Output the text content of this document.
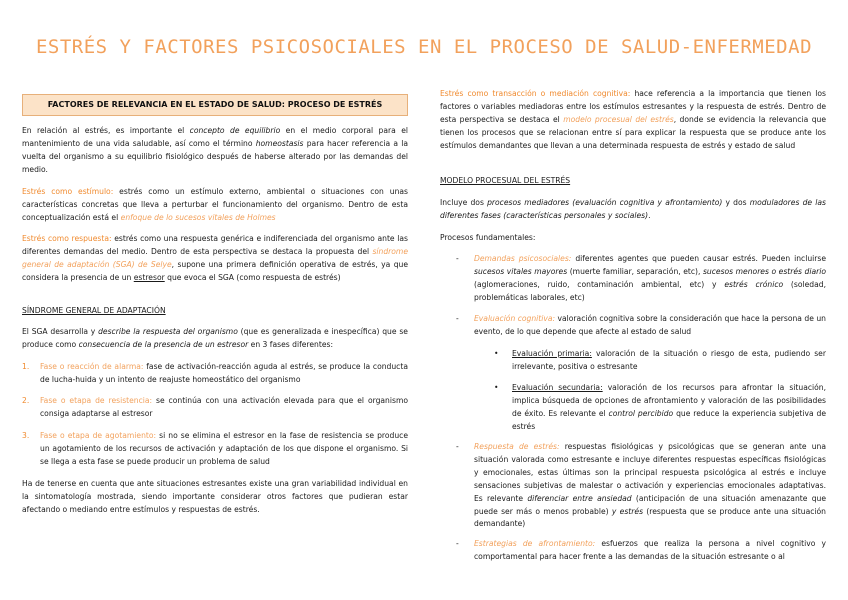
ESTRÉS Y FACTORES PSICOSOCIALES EN EL PROCESO DE SALUD-ENFERMEDAD
FACTORES DE RELEVANCIA EN EL ESTADO DE SALUD: PROCESO DE ESTRÉS
En relación al estrés, es importante el concepto de equilibrio en el medio corporal para el mantenimiento de una vida saludable, así como el término homeostasis para hacer referencia a la vuelta del organismo a su equilibrio fisiológico después de haberse alterado por las demandas del medio.
Estrés como estímulo: estrés como un estímulo externo, ambiental o situaciones con unas características concretas que lleva a perturbar el funcionamiento del organismo. Dentro de esta conceptualización está el enfoque de lo sucesos vitales de Holmes
Estrés como respuesta: estrés como una respuesta genérica e indiferenciada del organismo ante las diferentes demandas del medio. Dentro de esta perspectiva se destaca la propuesta del síndrome general de adaptación (SGA) de Selye, supone una primera definición operativa de estrés, ya que considera la presencia de un estresor que evoca el SGA (como respuesta de estrés)
SÍNDROME GENERAL DE ADAPTACIÓN
El SGA desarrolla y describe la respuesta del organismo (que es generalizada e inespecífica) que se produce como consecuencia de la presencia de un estresor en 3 fases diferentes:
1. Fase o reacción de alarma: fase de activación-reacción aguda al estrés, se produce la conducta de lucha-huida y un intento de reajuste homeostático del organismo
2. Fase o etapa de resistencia: se continúa con una activación elevada para que el organismo consiga adaptarse al estresor
3. Fase o etapa de agotamiento: si no se elimina el estresor en la fase de resistencia se produce un agotamiento de los recursos de activación y adaptación de los que dispone el organismo. Si se llega a esta fase se puede producir un problema de salud
Ha de tenerse en cuenta que ante situaciones estresantes existe una gran variabilidad individual en la sintomatología mostrada, siendo importante considerar otros factores que pudieran estar afectando o mediando entre estímulos y respuestas de estrés.
Estrés como transacción o mediación cognitiva: hace referencia a la importancia que tienen los factores o variables mediadoras entre los estímulos estresantes y la respuesta de estrés. Dentro de esta perspectiva se destaca el modelo procesual del estrés, donde se evidencia la relevancia que tienen los procesos que se relacionan entre sí para explicar la respuesta que se produce ante los estímulos demandantes que llevan a una determinada respuesta de estrés y estado de salud
MODELO PROCESUAL DEL ESTRÉS
Incluye dos procesos mediadores (evaluación cognitiva y afrontamiento) y dos moduladores de las diferentes fases (características personales y sociales).
Procesos fundamentales:
- Demandas psicosociales: diferentes agentes que pueden causar estrés. Pueden incluirse sucesos vitales mayores (muerte familiar, separación, etc), sucesos menores o estrés diario (aglomeraciones, ruido, contaminación ambiental, etc) y estrés crónico (soledad, problemáticas laborales, etc)
- Evaluación cognitiva: valoración cognitiva sobre la consideración que hace la persona de un evento, de lo que depende que afecte al estado de salud
• Evaluación primaria: valoración de la situación o riesgo de esta, pudiendo ser irrelevante, positiva o estresante
• Evaluación secundaria: valoración de los recursos para afrontar la situación, implica búsqueda de opciones de afrontamiento y valoración de las posibilidades de éxito. Es relevante el control percibido que reduce la experiencia subjetiva de estrés
- Respuesta de estrés: respuestas fisiológicas y psicológicas que se generan ante una situación valorada como estresante e incluye diferentes respuestas específicas fisiológicas y emocionales, estas últimas son la principal respuesta psicológica al estrés e incluye sensaciones subjetivas de malestar o activación y experiencias emocionales adaptativas. Es relevante diferenciar entre ansiedad (anticipación de una situación amenazante que puede ser más o menos probable) y estrés (respuesta que se produce ante una situación demandante)
- Estrategias de afrontamiento: esfuerzos que realiza la persona a nivel cognitivo y comportamental para hacer frente a las demandas de la situación estresante o al
